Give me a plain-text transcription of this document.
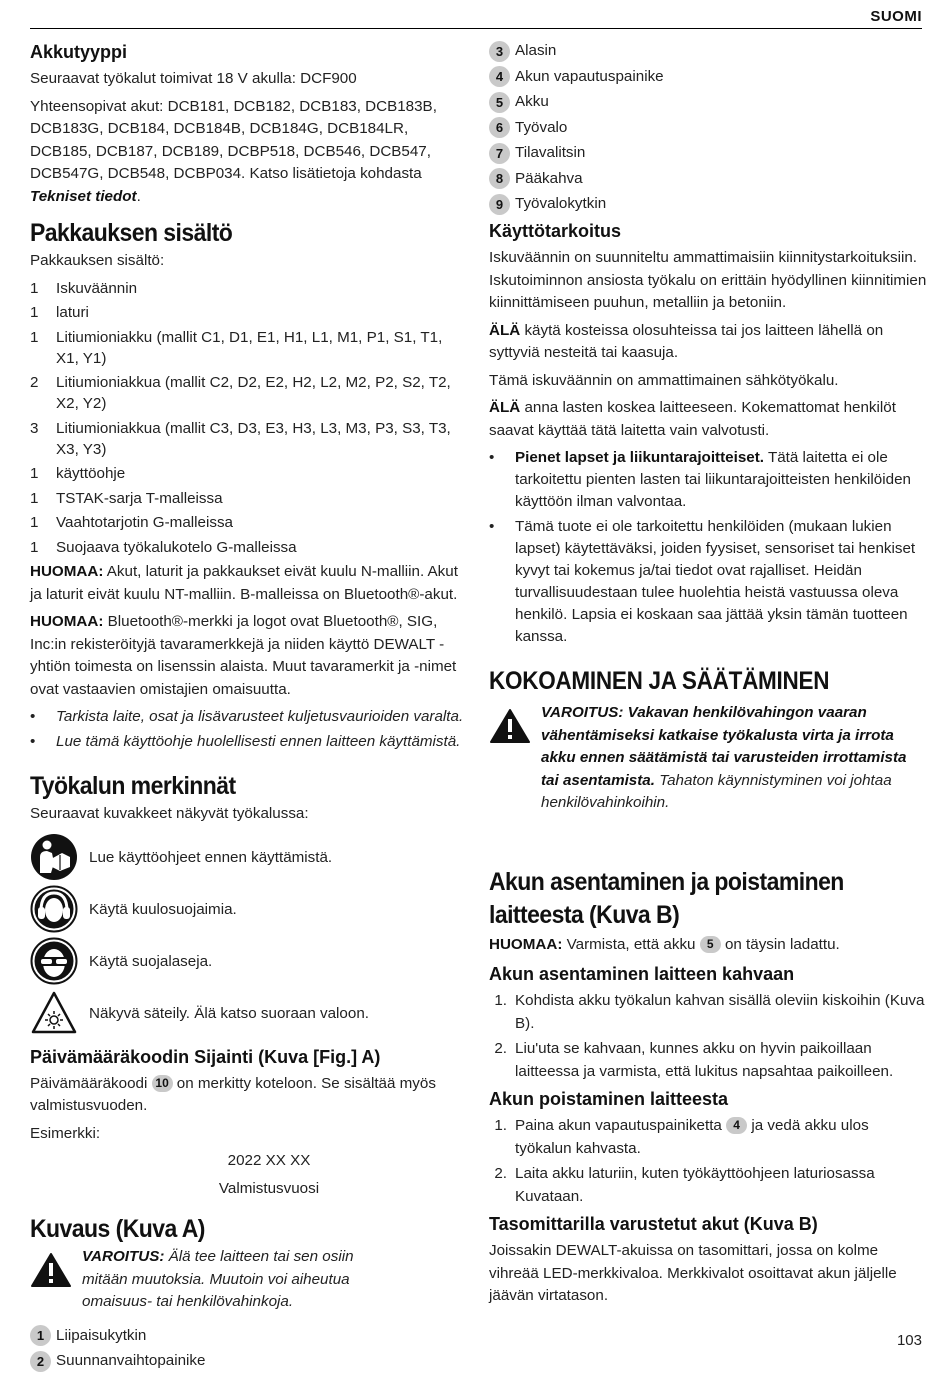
SUOMI
Akkutyyppi

Seuraavat työkalut toimivat 18 V akulla: DCF900

Yhteensopivat akut: DCB181, DCB182, DCB183, DCB183B, DCB183G, DCB184, DCB184B, DCB184G, DCB184LR, DCB185, DCB187, DCB189, DCBP518, DCB546, DCB547, DCB547G, DCB548, DCBP034. Katso lisätietoja kohdasta Tekniset tiedot.

Pakkauksen sisältö

Pakkauksen sisältö:

1	Iskuväännin
1	laturi
1	Litiumioniakku (mallit C1, D1, E1, H1, L1, M1, P1, S1, T1, X1, Y1)
2	Litiumioniakkua (mallit C2, D2, E2, H2, L2, M2, P2, S2, T2, X2, Y2)
3	Litiumioniakkua (mallit C3, D3, E3, H3, L3, M3, P3, S3, T3, X3, Y3)
1	käyttöohje
1	TSTAK-sarja T-malleissa
1	Vaahtotarjotin G-malleissa
1	Suojaava työkalukotelo G-malleissa

HUOMAA: Akut, laturit ja pakkaukset eivät kuulu N-malliin. Akut ja laturit eivät kuulu NT-malliin. B-malleissa on Bluetooth®-akut.

HUOMAA: Bluetooth®-merkki ja logot ovat Bluetooth®, SIG, Inc:in rekisteröityjä tavaramerkkejä ja niiden käyttö DEWALT -yhtiön toimesta on lisenssin alaista. Muut tavaramerkit ja -nimet ovat vastaavien omistajien omaisuutta.

•	Tarkista laite, osat ja lisävarusteet kuljetusvaurioiden varalta.
•	Lue tämä käyttöohje huolellisesti ennen laitteen käyttämistä.
Työkalun merkinnät

Seuraavat kuvakkeet näkyvät työkalussa:

Lue käyttöohjeet ennen käyttämistä.
Käytä kuulosuojaimia.
Käytä suojalaseja.
Näkyvä säteily. Älä katso suoraan valoon.
Päivämääräkoodin Sijainti (Kuva [Fig.] A)

Päivämääräkoodi 10 on merkitty koteloon. Se sisältää myös valmistusvuoden.

Esimerkki:

2022 XX XX

Valmistusvuosi

Kuvaus (Kuva A)

VAROITUS: Älä tee laitteen tai sen osiin mitään muutoksia. Muutoin voi aiheutua omaisuus- tai henkilövahinkoja.

1 Liipaisukytkin
2 Suunnanvaihtopainike
3 Alasin
4 Akun vapautuspainike
5 Akku
6 Työvalo
7 Tilavalitsin
8 Pääkahva
9 Työvalokytkin
Käyttötarkoitus

Iskuväännin on suunniteltu ammattimaisiin kiinnitystarkoituksiin. Iskutoiminnon ansiosta työkalu on erittäin hyödyllinen kiinnitimien kiinnittämiseen puuhun, metalliin ja betoniin.

ÄLÄ käytä kosteissa olosuhteissa tai jos laitteen lähellä on syttyviä nesteitä tai kaasuja.

Tämä iskuväännin on ammattimainen sähkötyökalu.

ÄLÄ anna lasten koskea laitteeseen. Kokemattomat henkilöt saavat käyttää tätä laitetta vain valvotusti.

•	Pienet lapset ja liikuntarajoitteiset. Tätä laitetta ei ole tarkoitettu pienten lasten tai liikuntarajoitteisten henkilöiden käyttöön ilman valvontaa.
•	Tämä tuote ei ole tarkoitettu henkilöiden (mukaan lukien lapset) käytettäväksi, joiden fyysiset, sensoriset tai henkiset kyvyt tai kokemus ja/tai tiedot ovat rajalliset. Heidän turvallisuudestaan tulee huolehtia heistä vastuussa oleva henkilö. Lapsia ei koskaan saa jättää yksin tämän tuotteen kanssa.
KOKOAMINEN JA SÄÄTÄMINEN

VAROITUS: Vakavan henkilövahingon vaaran vähentämiseksi katkaise työkalusta virta ja irrota akku ennen säätämistä tai varusteiden irrottamista tai asentamista. Tahaton käynnistyminen voi johtaa henkilövahinkoihin.

Akun asentaminen ja poistaminen laitteesta (Kuva B)

HUOMAA: Varmista, että akku 5 on täysin ladattu.

Akun asentaminen laitteen kahvaan
1. Kohdista akku työkalun kahvan sisällä oleviin kiskoihin (Kuva B).
2. Liu'uta se kahvaan, kunnes akku on hyvin paikoillaan laitteessa ja varmista, että lukitus napsahtaa paikoilleen.
Akun poistaminen laitteesta
1. Paina akun vapautuspainiketta 4 ja vedä akku ulos työkalun kahvasta.
2. Laita akku laturiin, kuten työkäyttöohjeen laturiosassa Kuvataan.
Tasomittarilla varustetut akut (Kuva B)

Joissakin DEWALT-akuissa on tasomittari, jossa on kolme vihreää LED-merkkivaloa. Merkkivalot osoittavat akun jäljelle jäävän virtatason.

103
